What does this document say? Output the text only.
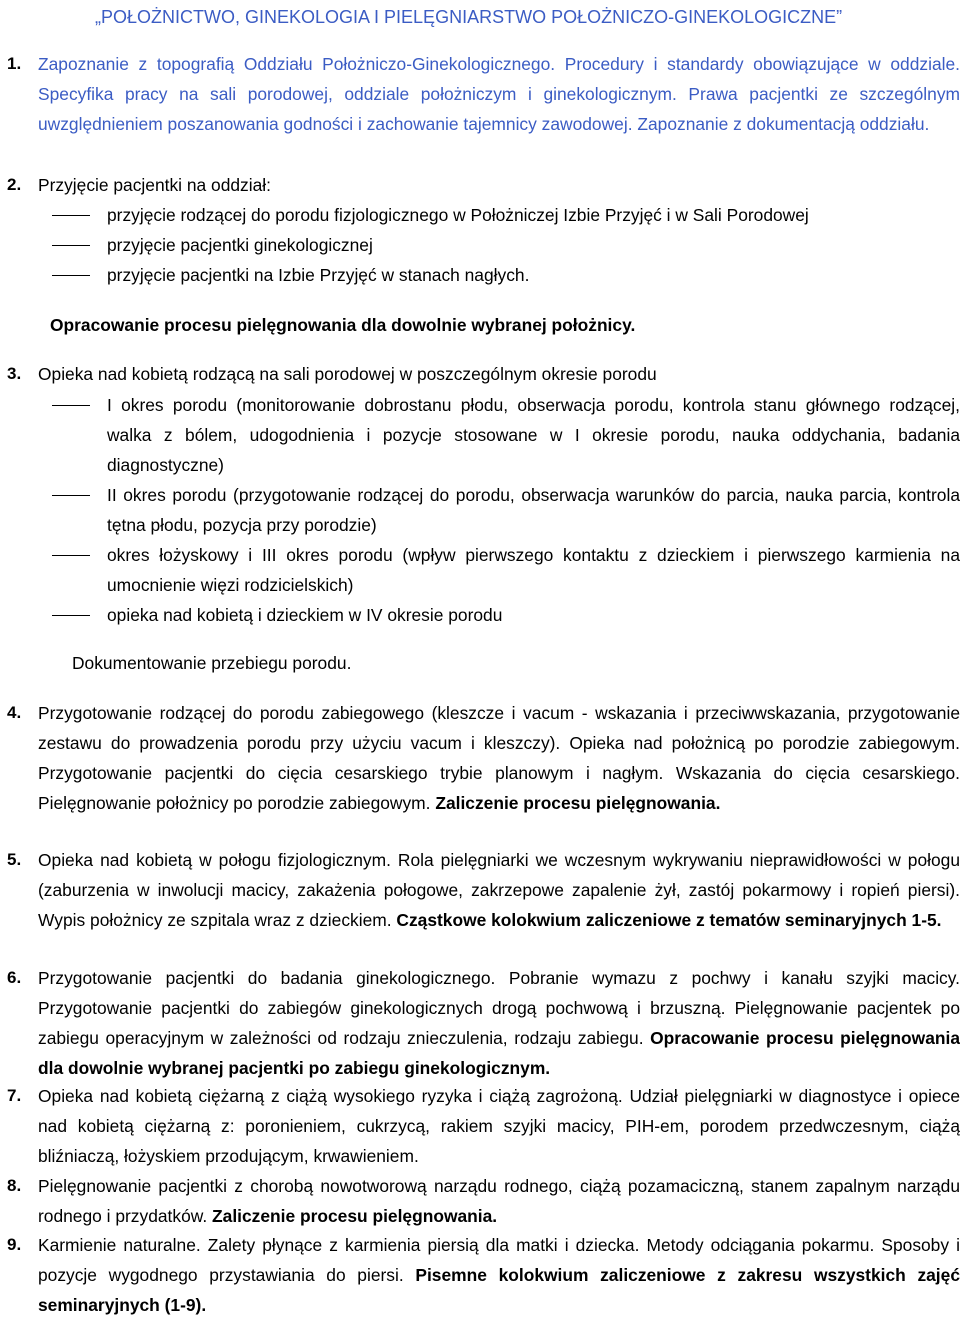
„POŁOŻNICTWO, GINEKOLOGIA I PIELĘGNIARSTWO POŁOŻNICZO-GINEKOLOGICZNE”
1. Zapoznanie z topografią Oddziału Położniczo-Ginekologicznego. Procedury i standardy obowiązujące w oddziale. Specyfika pracy na sali porodowej, oddziale położniczym i ginekologicznym. Prawa pacjentki ze szczególnym uwzględnieniem poszanowania godności i zachowanie tajemnicy zawodowej. Zapoznanie z dokumentacją oddziału.
2. Przyjęcie pacjentki na oddział:
przyjęcie rodzącej do porodu fizjologicznego w Położniczej Izbie Przyjęć i w Sali Porodowej
przyjęcie pacjentki ginekologicznej
przyjęcie pacjentki na Izbie Przyjęć w stanach nagłych.
Opracowanie procesu pielęgnowania dla dowolnie wybranej położnicy.
3. Opieka nad kobietą rodzącą na sali porodowej w poszczególnym okresie porodu
I okres porodu (monitorowanie dobrostanu płodu, obserwacja porodu, kontrola stanu głównego rodzącej, walka z bólem, udogodnienia i pozycje stosowane w I okresie porodu, nauka oddychania, badania diagnostyczne)
II okres porodu (przygotowanie rodzącej do porodu, obserwacja warunków do parcia, nauka parcia, kontrola tętna płodu, pozycja przy porodzie)
okres łożyskowy i III okres porodu (wpływ pierwszego kontaktu z dzieckiem i pierwszego karmienia na umocnienie więzi rodzicielskich)
opieka nad kobietą i dzieckiem w IV okresie porodu
Dokumentowanie przebiegu porodu.
4. Przygotowanie rodzącej do porodu zabiegowego (kleszcze i vacum - wskazania i przeciwwskazania, przygotowanie zestawu do prowadzenia porodu przy użyciu vacum i kleszczy). Opieka nad położnicą po porodzie zabiegowym. Przygotowanie pacjentki do cięcia cesarskiego trybie planowym i nagłym. Wskazania do cięcia cesarskiego. Pielęgnowanie położnicy po porodzie zabiegowym. Zaliczenie procesu pielęgnowania.
5. Opieka nad kobietą w połogu fizjologicznym. Rola pielęgniarki we wczesnym wykrywaniu nieprawidłowości w połogu (zaburzenia w inwolucji macicy, zakażenia połogowe, zakrzepowe zapalenie żył, zastój pokarmowy i ropień piersi). Wypis położnicy ze szpitala wraz z dzieckiem. Cząstkowe kolokwium zaliczeniowe z tematów seminaryjnych 1-5.
6. Przygotowanie pacjentki do badania ginekologicznego. Pobranie wymazu z pochwy i kanału szyjki macicy. Przygotowanie pacjentki do zabiegów ginekologicznych drogą pochwową i brzuszną. Pielęgnowanie pacjentek po zabiegu operacyjnym w zależności od rodzaju znieczulenia, rodzaju zabiegu. Opracowanie procesu pielęgnowania dla dowolnie wybranej pacjentki po zabiegu ginekologicznym.
7. Opieka nad kobietą ciężarną z ciążą wysokiego ryzyka i ciążą zagrożoną. Udział pielęgniarki w diagnostyce i opiece nad kobietą ciężarną z: poronieniem, cukrzycą, rakiem szyjki macicy, PIH-em, porodem przedwczesnym, ciążą bliźniaczą, łożyskiem przodującym, krwawieniem.
8. Pielęgnowanie pacjentki z chorobą nowotworową narządu rodnego, ciążą pozamaciczną, stanem zapalnym narządu rodnego i przydatków. Zaliczenie procesu pielęgnowania.
9. Karmienie naturalne. Zalety płynące z karmienia piersią dla matki i dziecka. Metody odciągania pokarmu. Sposoby i pozycje wygodnego przystawiania do piersi. Pisemne kolokwium zaliczeniowe z zakresu wszystkich zajęć seminaryjnych (1-9).
